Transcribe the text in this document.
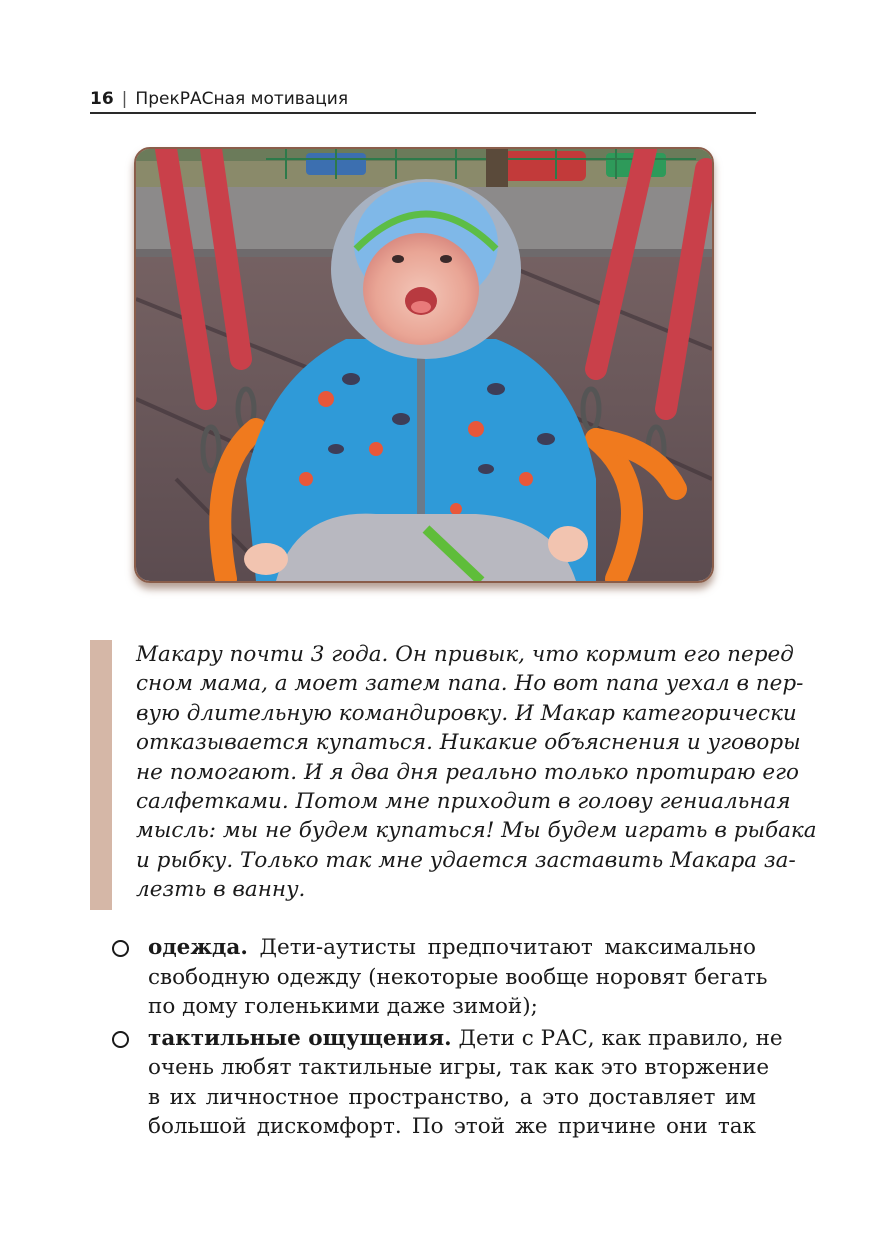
16 | ПрекРАСная мотивация
Макару почти 3 года. Он привык, что кормит его перед
сном мама, а моет затем папа. Но вот папа уехал в пер-
вую длительную командировку. И Макар категорически
отказывается купаться. Никакие объяснения и уговоры
не помогают. И я два дня реально только протираю его
салфетками. Потом мне приходит в голову гениальная
мысль: мы не будем купаться! Мы будем играть в рыбака
и рыбку. Только так мне удается заставить Макара за-
лезть в ванну.
одежда. Дети-аутисты предпочитают максимально
свободную одежду (некоторые вообще норовят бегать
по дому голенькими даже зимой);
тактильные ощущения. Дети с РАС, как правило, не
очень любят тактильные игры, так как это вторжение
в их личностное пространство, а это доставляет им
большой дискомфорт. По этой же причине они так
